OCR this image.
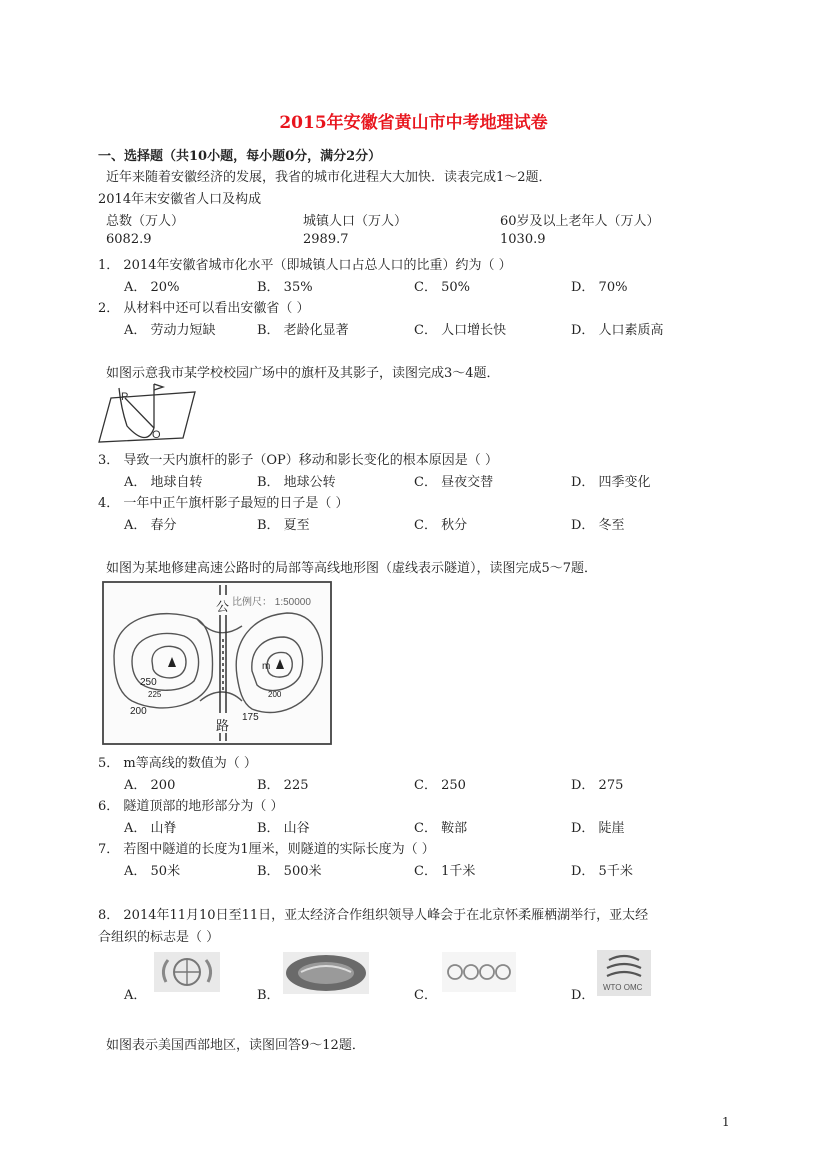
2015年安徽省黄山市中考地理试卷
一、选择题（共10小题，每小题0分，满分2分）
近年来随着安徽经济的发展，我省的城市化进程大大加快．读表完成1～2题．
2014年末安徽省人口及构成
总数（万人）	城镇人口（万人）	60岁及以上老年人（万人）
6082.9	2989.7	1030.9
1． 2014年安徽省城市化水平（即城镇人口占总人口的比重）约为（ ）
A． 20%	B． 35%	C． 50%	D． 70%
2． 从材料中还可以看出安徽省（ ）
A． 劳动力短缺	B． 老龄化显著	C． 人口增长快	D． 人口素质高
如图示意我市某学校校园广场中的旗杆及其影子，读图完成3～4题．
P
O
3． 导致一天内旗杆的影子（OP）移动和影长变化的根本原因是（ ）
A． 地球自转	B． 地球公转	C． 昼夜交替	D． 四季变化
4． 一年中正午旗杆影子最短的日子是（ ）
A． 春分	B． 夏至	C． 秋分	D． 冬至
如图为某地修建高速公路时的局部等高线地形图（虚线表示隧道），读图完成5～7题．
公
路
比例尺： 1:50000
250
225
200
m
200
175
5． m等高线的数值为（ ）
A． 200	B． 225	C． 250	D． 275
6． 隧道顶部的地形部分为（ ）
A． 山脊	B． 山谷	C． 鞍部	D． 陡崖
7． 若图中隧道的长度为1厘米，则隧道的实际长度为（ ）
A． 50米	B． 500米	C． 1千米	D． 5千米
8． 2014年11月10日至11日，亚太经济合作组织领导人峰会于在北京怀柔雁栖湖举行，亚太经
合组织的标志是（ ）
A．	B．	C．	D．
WTO OMC
如图表示美国西部地区，读图回答9～12题．
1
